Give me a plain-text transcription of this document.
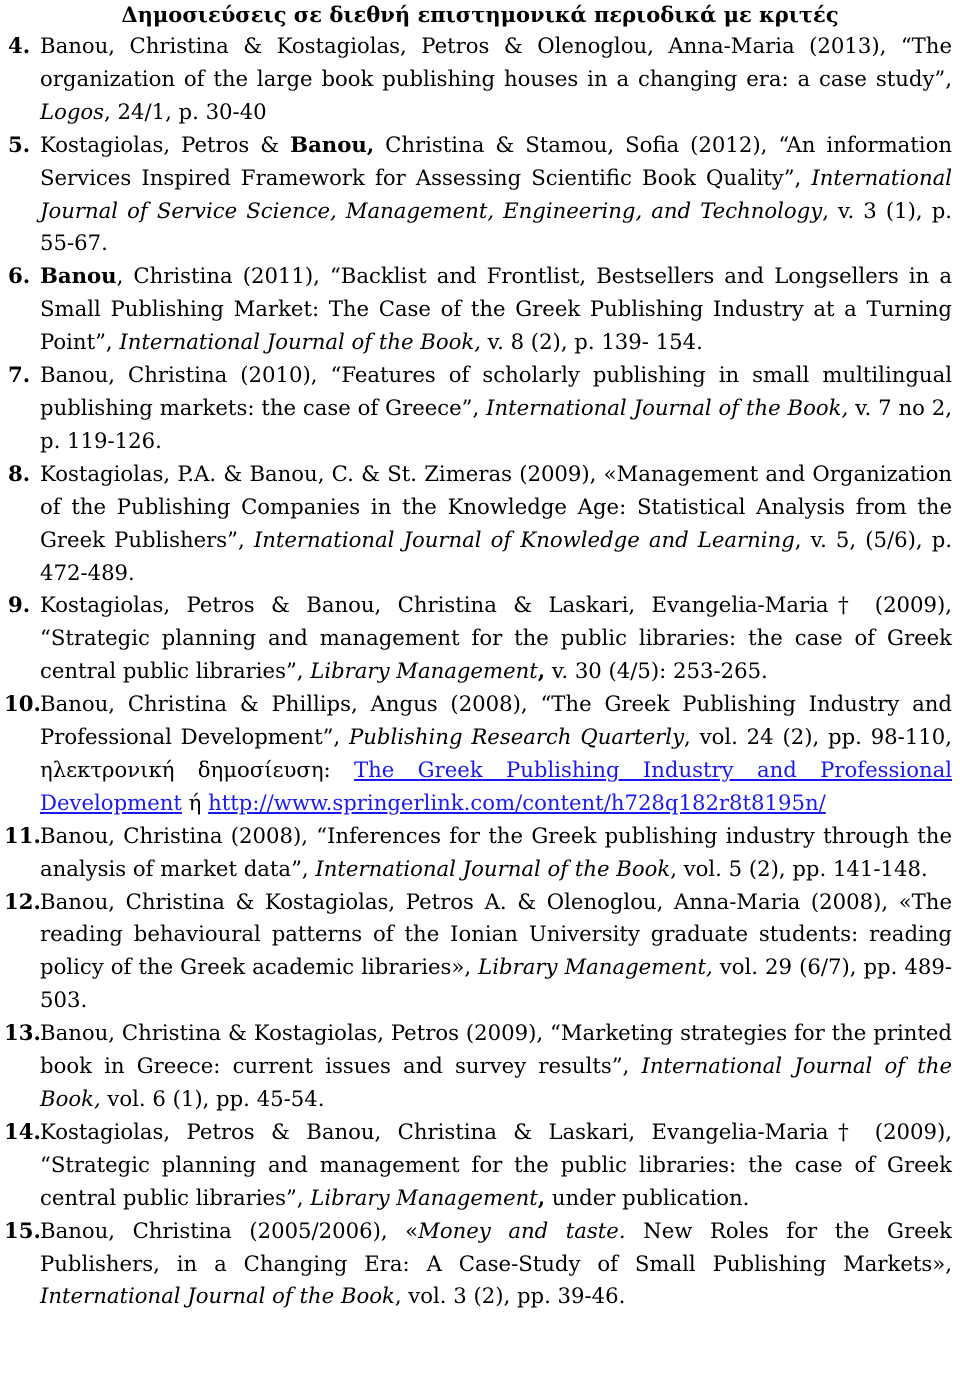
Δημοσιεύσεις σε διεθνή επιστημονικά περιοδικά με κριτές
4. Banou, Christina & Kostagiolas, Petros & Olenoglou, Anna-Maria (2013), “The organization of the large book publishing houses in a changing era: a case study”, Logos, 24/1, p. 30-40
5. Kostagiolas, Petros & Banou, Christina & Stamou, Sofia (2012), “An information Services Inspired Framework for Assessing Scientific Book Quality”, International Journal of Service Science, Management, Engineering, and Technology, v. 3 (1), p. 55-67.
6. Banou, Christina (2011), “Backlist and Frontlist, Bestsellers and Longsellers in a Small Publishing Market: The Case of the Greek Publishing Industry at a Turning Point”, International Journal of the Book, v. 8 (2), p. 139- 154.
7. Banou, Christina (2010), “Features of scholarly publishing in small multilingual publishing markets: the case of Greece”, International Journal of the Book, v. 7 no 2, p. 119-126.
8. Kostagiolas, P.A. & Banou, C. & St. Zimeras (2009), «Management and Organization of the Publishing Companies in the Knowledge Age: Statistical Analysis from the Greek Publishers”, International Journal of Knowledge and Learning, v. 5, (5/6), p. 472-489.
9. Kostagiolas, Petros & Banou, Christina & Laskari, Evangelia-Maria† (2009), “Strategic planning and management for the public libraries: the case of Greek central public libraries”, Library Management, v. 30 (4/5): 253-265.
10. Banou, Christina & Phillips, Angus (2008), “The Greek Publishing Industry and Professional Development”, Publishing Research Quarterly, vol. 24 (2), pp. 98-110, ηλεκτρονική δημοσίευση: The Greek Publishing Industry and Professional Development ή http://www.springerlink.com/content/h728q182r8t8195n/
11. Banou, Christina (2008), “Inferences for the Greek publishing industry through the analysis of market data”, International Journal of the Book, vol. 5 (2), pp. 141-148.
12. Banou, Christina & Kostagiolas, Petros A. & Olenoglou, Anna-Maria (2008), «The reading behavioural patterns of the Ionian University graduate students: reading policy of the Greek academic libraries», Library Management, vol. 29 (6/7), pp. 489-503.
13. Banou, Christina & Kostagiolas, Petros (2009), “Marketing strategies for the printed book in Greece: current issues and survey results”, International Journal of the Book, vol. 6 (1), pp. 45-54.
14. Kostagiolas, Petros & Banou, Christina & Laskari, Evangelia-Maria† (2009), “Strategic planning and management for the public libraries: the case of Greek central public libraries”, Library Management, under publication.
15. Banou, Christina (2005/2006), «Money and taste. New Roles for the Greek Publishers, in a Changing Era: A Case-Study of Small Publishing Markets», International Journal of the Book, vol. 3 (2), pp. 39-46.
